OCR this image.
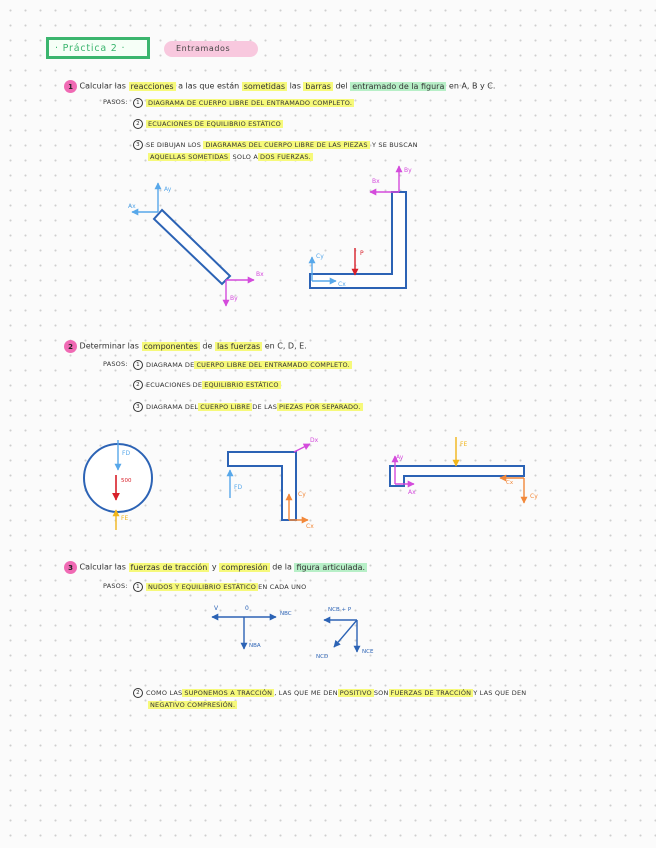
· Práctica 2 ·	Entramados
1 Calcular las reacciones a las que están sometidas las barras del entramado de la figura en A, B y C.
PASOS:	1	DIAGRAMA DE CUERPO LIBRE DEL ENTRAMADO COMPLETO.
2	ECUACIONES DE EQUILIBRIO ESTÁTICO
3 SE DIBUJAN LOS
DIAGRAMAS DEL CUERPO LIBRE DE LAS PIEZAS
Y SE BUSCAN
AQUELLAS SOMETIDAS
SOLO A DOS FUERZAS.
Ay
Ax
Bx
By
Bx
By
P
Cy
Cx
FD
500
FE
Dx
FD
Cy
Cx
FE
Ay
Ax
Cx
Cy
V	0
NBC
NBA
NCB + P
NCD
NCE
2 Determinar las componentes de las fuerzas en C, D, E.
PASOS:	1 DIAGRAMA DE CUERPO LIBRE DEL ENTRAMADO COMPLETO.
2 ECUACIONES DE EQUILIBRIO ESTÁTICO
3 DIAGRAMA DEL CUERPO LIBRE DE LAS PIEZAS POR SEPARADO.
3 Calcular las fuerzas de tracción y compresión de la figura articulada.
PASOS:	1	NUDOS Y EQUILIBRIO ESTÁTICO EN CADA UNO
2 COMO LAS SUPONEMOS A TRACCIÓN , LAS QUE ME DEN POSITIVO SON FUERZAS DE TRACCIÓN Y LAS QUE DEN
NEGATIVO COMPRESIÓN.
